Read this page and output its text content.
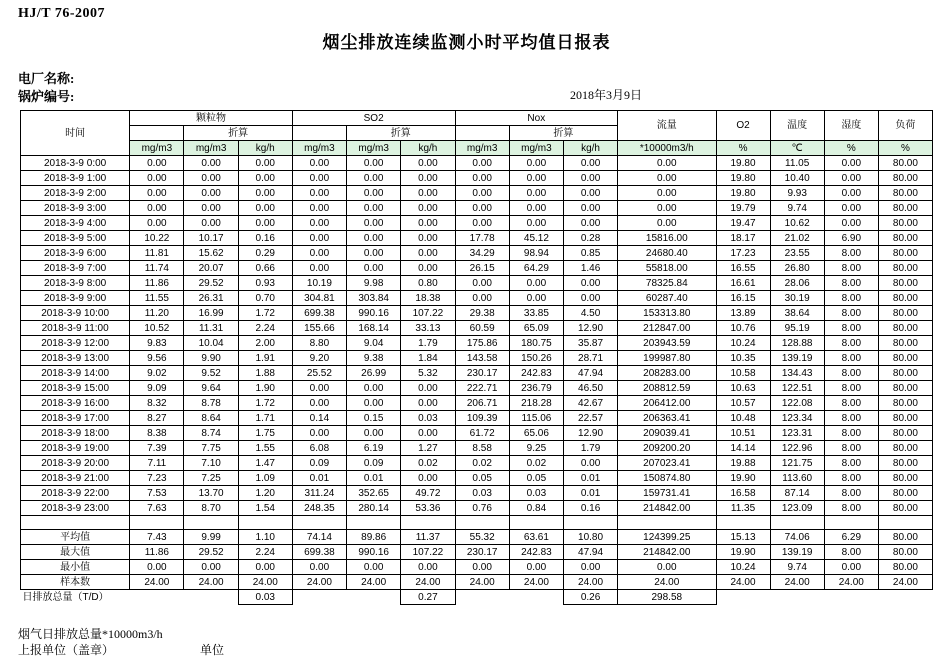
HJ/T 76-2007
烟尘排放连续监测小时平均值日报表
电厂名称:
锅炉编号:	2018年3月9日
时间	颗粒物			SO2			Nox			流量	O2	温度	湿度	负荷
		折算			折算			折算						
	mg/m3	mg/m3	kg/h	mg/m3	mg/m3	kg/h	mg/m3	mg/m3	kg/h	*10000m3/h	%	℃	%	%
2018-3-9 0:00	0.00	0.00	0.00	0.00	0.00	0.00	0.00	0.00	0.00	0.00	19.80	11.05	0.00	80.00
2018-3-9 1:00	0.00	0.00	0.00	0.00	0.00	0.00	0.00	0.00	0.00	0.00	19.80	10.40	0.00	80.00
2018-3-9 2:00	0.00	0.00	0.00	0.00	0.00	0.00	0.00	0.00	0.00	0.00	19.80	9.93	0.00	80.00
2018-3-9 3:00	0.00	0.00	0.00	0.00	0.00	0.00	0.00	0.00	0.00	0.00	19.79	9.74	0.00	80.00
2018-3-9 4:00	0.00	0.00	0.00	0.00	0.00	0.00	0.00	0.00	0.00	0.00	19.47	10.62	0.00	80.00
2018-3-9 5:00	10.22	10.17	0.16	0.00	0.00	0.00	17.78	45.12	0.28	15816.00	18.17	21.02	6.90	80.00
2018-3-9 6:00	11.81	15.62	0.29	0.00	0.00	0.00	34.29	98.94	0.85	24680.40	17.23	23.55	8.00	80.00
2018-3-9 7:00	11.74	20.07	0.66	0.00	0.00	0.00	26.15	64.29	1.46	55818.00	16.55	26.80	8.00	80.00
2018-3-9 8:00	11.86	29.52	0.93	10.19	9.98	0.80	0.00	0.00	0.00	78325.84	16.61	28.06	8.00	80.00
2018-3-9 9:00	11.55	26.31	0.70	304.81	303.84	18.38	0.00	0.00	0.00	60287.40	16.15	30.19	8.00	80.00
2018-3-9 10:00	11.20	16.99	1.72	699.38	990.16	107.22	29.38	33.85	4.50	153313.80	13.89	38.64	8.00	80.00
2018-3-9 11:00	10.52	11.31	2.24	155.66	168.14	33.13	60.59	65.09	12.90	212847.00	10.76	95.19	8.00	80.00
2018-3-9 12:00	9.83	10.04	2.00	8.80	9.04	1.79	175.86	180.75	35.87	203943.59	10.24	128.88	8.00	80.00
2018-3-9 13:00	9.56	9.90	1.91	9.20	9.38	1.84	143.58	150.26	28.71	199987.80	10.35	139.19	8.00	80.00
2018-3-9 14:00	9.02	9.52	1.88	25.52	26.99	5.32	230.17	242.83	47.94	208283.00	10.58	134.43	8.00	80.00
2018-3-9 15:00	9.09	9.64	1.90	0.00	0.00	0.00	222.71	236.79	46.50	208812.59	10.63	122.51	8.00	80.00
2018-3-9 16:00	8.32	8.78	1.72	0.00	0.00	0.00	206.71	218.28	42.67	206412.00	10.57	122.08	8.00	80.00
2018-3-9 17:00	8.27	8.64	1.71	0.14	0.15	0.03	109.39	115.06	22.57	206363.41	10.48	123.34	8.00	80.00
2018-3-9 18:00	8.38	8.74	1.75	0.00	0.00	0.00	61.72	65.06	12.90	209039.41	10.51	123.31	8.00	80.00
2018-3-9 19:00	7.39	7.75	1.55	6.08	6.19	1.27	8.58	9.25	1.79	209200.20	14.14	122.96	8.00	80.00
2018-3-9 20:00	7.11	7.10	1.47	0.09	0.09	0.02	0.02	0.02	0.00	207023.41	19.88	121.75	8.00	80.00
2018-3-9 21:00	7.23	7.25	1.09	0.01	0.01	0.00	0.05	0.05	0.01	150874.80	19.90	113.60	8.00	80.00
2018-3-9 22:00	7.53	13.70	1.20	311.24	352.65	49.72	0.03	0.03	0.01	159731.41	16.58	87.14	8.00	80.00
2018-3-9 23:00	7.63	8.70	1.54	248.35	280.14	53.36	0.76	0.84	0.16	214842.00	11.35	123.09	8.00	80.00

平均值	7.43	9.99	1.10	74.14	89.86	11.37	55.32	63.61	10.80	124399.25	15.13	74.06	6.29	80.00
最大值	11.86	29.52	2.24	699.38	990.16	107.22	230.17	242.83	47.94	214842.00	19.90	139.19	8.00	80.00
最小值	0.00	0.00	0.00	0.00	0.00	0.00	0.00	0.00	0.00	0.00	10.24	9.74	0.00	80.00
样本数	24.00	24.00	24.00	24.00	24.00	24.00	24.00	24.00	24.00	24.00	24.00	24.00	24.00	24.00
日排放总量（T/D）			0.03			0.27			0.26	298.58				
烟气日排放总量*10000m3/h
上报单位（盖章）	单位
